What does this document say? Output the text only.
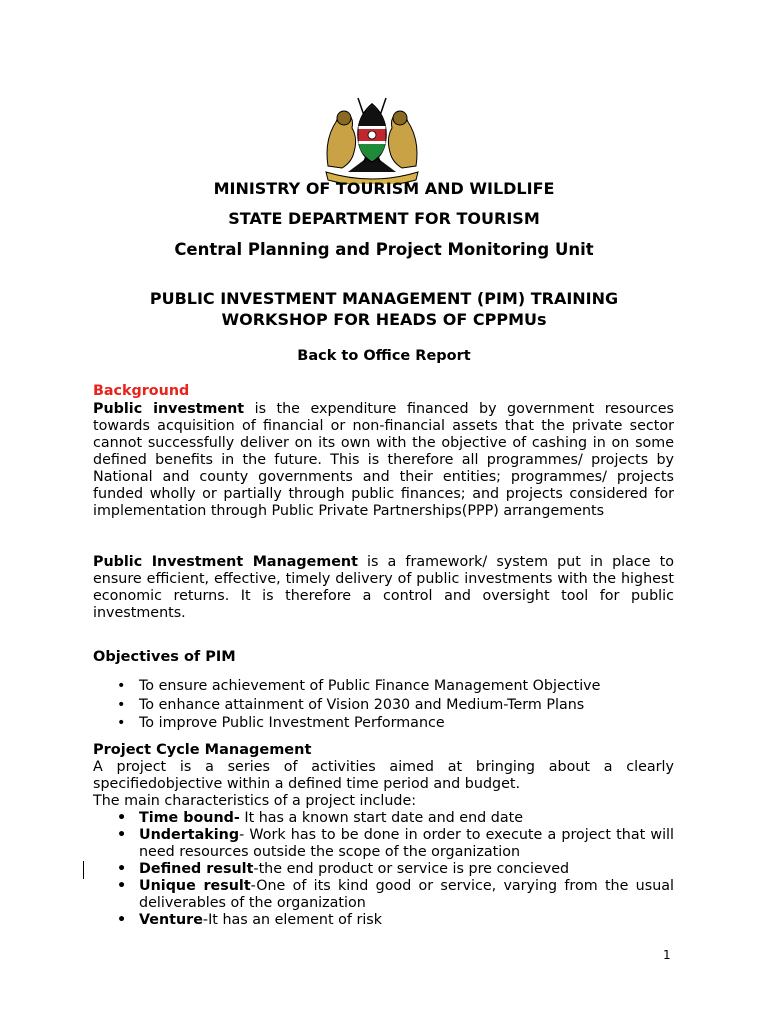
MINISTRY OF TOURISM AND WILDLIFE
STATE DEPARTMENT FOR TOURISM
Central Planning and Project Monitoring Unit
PUBLIC INVESTMENT MANAGEMENT (PIM) TRAINING WORKSHOP FOR HEADS OF CPPMUs
Back to Office Report
Background
Public investment is the expenditure financed by government resources towards acquisition of financial or non-financial assets that the private sector cannot successfully deliver on its own with the objective of cashing in on some defined benefits in the future. This is therefore all programmes/ projects by National and county governments and their entities; programmes/ projects funded wholly or partially through public finances; and projects considered for implementation through Public Private Partnerships(PPP) arrangements
Public Investment Management is a framework/ system put in place to ensure efficient, effective, timely delivery of public investments with the highest economic returns. It is therefore a control and oversight tool for public investments.
Objectives of PIM
• To ensure achievement of Public Finance Management Objective
• To enhance attainment of Vision 2030 and Medium-Term Plans
• To improve Public Investment Performance
Project Cycle Management
A project is a series of activities aimed at bringing about a clearly specifiedobjective within a defined time period and budget.
The main characteristics of a project include:
• Time bound- It has a known start date and end date
• Undertaking- Work has to be done in order to execute a project that will need resources outside the scope of the organization
• Defined result-the end product or service is pre concieved
• Unique result-One of its kind good or service, varying from the usual deliverables of the organization
• Venture-It has an element of risk
1
